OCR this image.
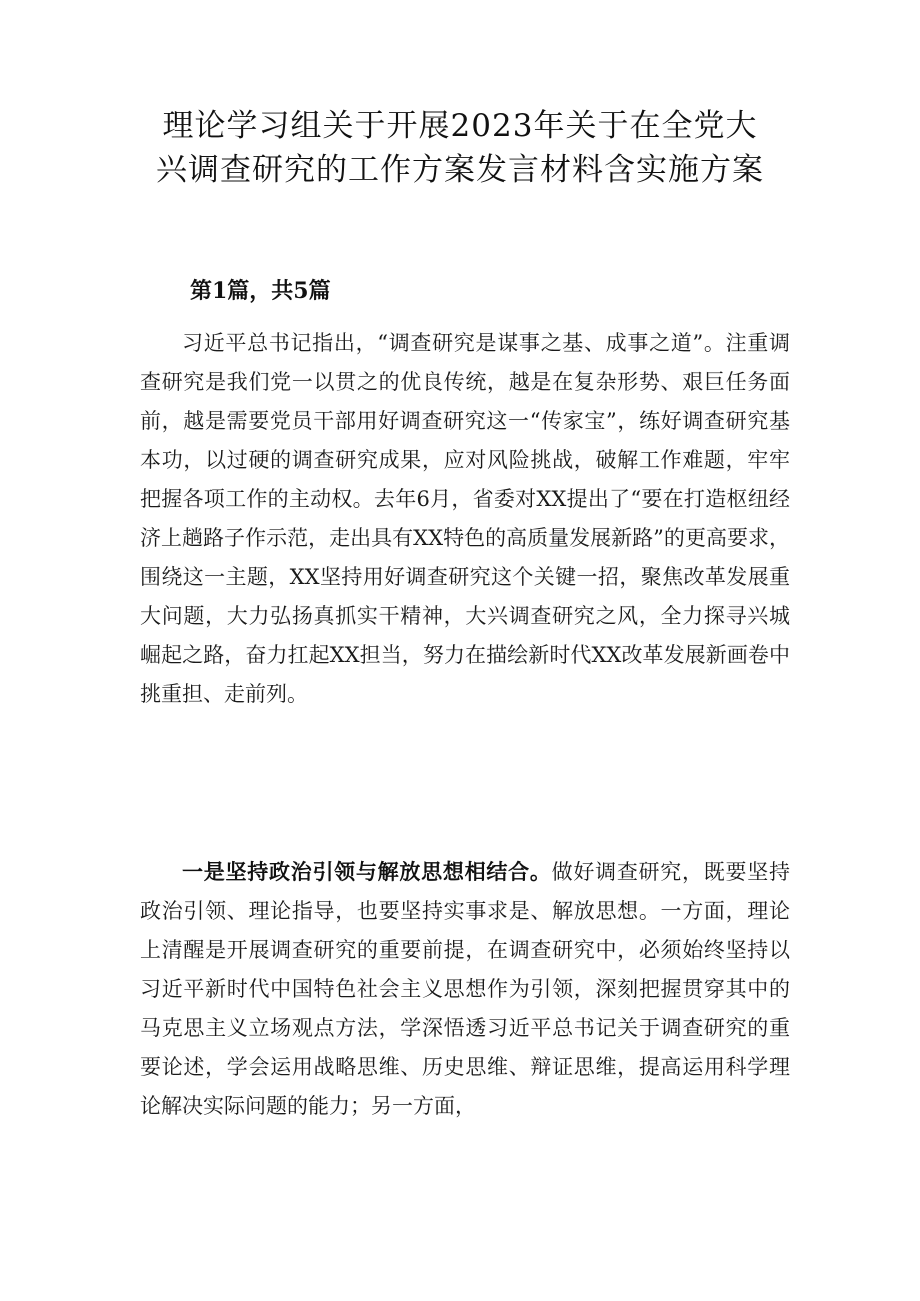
理论学习组关于开展2023年关于在全党大兴调查研究的工作方案发言材料含实施方案

第1篇，共5篇

习近平总书记指出，“调查研究是谋事之基、成事之道”。注重调查研究是我们党一以贯之的优良传统，越是在复杂形势、艰巨任务面前，越是需要党员干部用好调查研究这一“传家宝”，练好调查研究基本功，以过硬的调查研究成果，应对风险挑战，破解工作难题，牢牢把握各项工作的主动权。去年6月，省委对XX提出了“要在打造枢纽经济上趟路子作示范，走出具有XX特色的高质量发展新路”的更高要求，围绕这一主题，XX坚持用好调查研究这个关键一招，聚焦改革发展重大问题，大力弘扬真抓实干精神，大兴调查研究之风，全力探寻兴城崛起之路，奋力扛起XX担当，努力在描绘新时代XX改革发展新画卷中挑重担、走前列。

一是坚持政治引领与解放思想相结合。做好调查研究，既要坚持政治引领、理论指导，也要坚持实事求是、解放思想。一方面，理论上清醒是开展调查研究的重要前提，在调查研究中，必须始终坚持以习近平新时代中国特色社会主义思想作为引领，深刻把握贯穿其中的马克思主义立场观点方法，学深悟透习近平总书记关于调查研究的重要论述，学会运用战略思维、历史思维、辩证思维，提高运用科学理论解决实际问题的能力；另一方面，
